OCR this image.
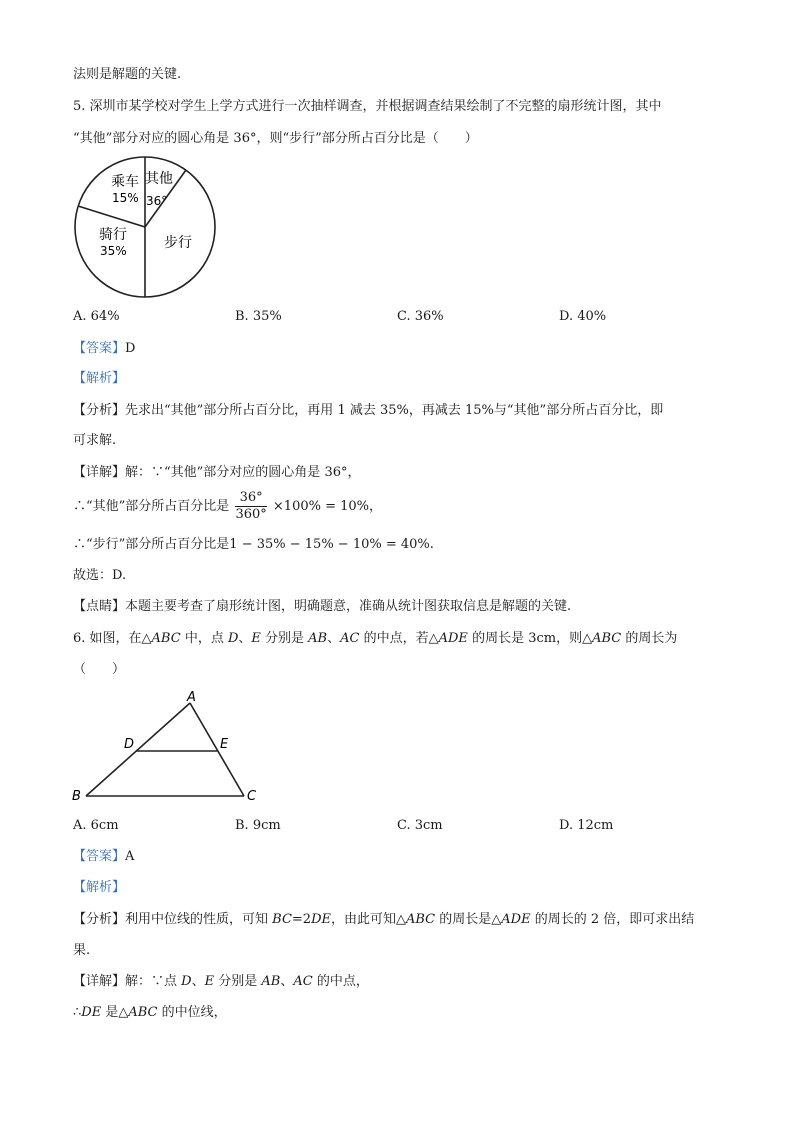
法则是解题的关键.
5. 深圳市某学校对学生上学方式进行一次抽样调查，并根据调查结果绘制了不完整的扇形统计图，其中
“其他”部分对应的圆心角是 36°，则“步行”部分所占百分比是（　　）
乘车
15%
其他
36°
骑行
35%	步行
A. 64%	B. 35%	C. 36%	D. 40%
【答案】D
【解析】
【分析】先求出“其他”部分所占百分比，再用 1 减去 35%，再减去 15%与“其他”部分所占百分比，即
可求解.
【详解】解：∵“其他”部分对应的圆心角是 36°，
∴“其他”部分所占百分比是 $\frac{36^\circ}{360^\circ} \times 100\% = 10\%$，
∴“步行”部分所占百分比是1 − 35% − 15% − 10% = 40%.
故选：D.
【点睛】本题主要考查了扇形统计图，明确题意，准确从统计图获取信息是解题的关键.
6. 如图，在△ABC 中，点 D、E 分别是 AB、AC 的中点，若△ADE 的周长是 3cm，则△ABC 的周长为
（　　）
A
D	E
B	C
A. 6cm	B. 9cm	C. 3cm	D. 12cm
【答案】A
【解析】
【分析】利用中位线的性质，可知 BC=2DE，由此可知△ABC 的周长是△ADE 的周长的 2 倍，即可求出结
果.
【详解】解：∵点 D、E 分别是 AB、AC 的中点，
∴DE 是△ABC 的中位线，
